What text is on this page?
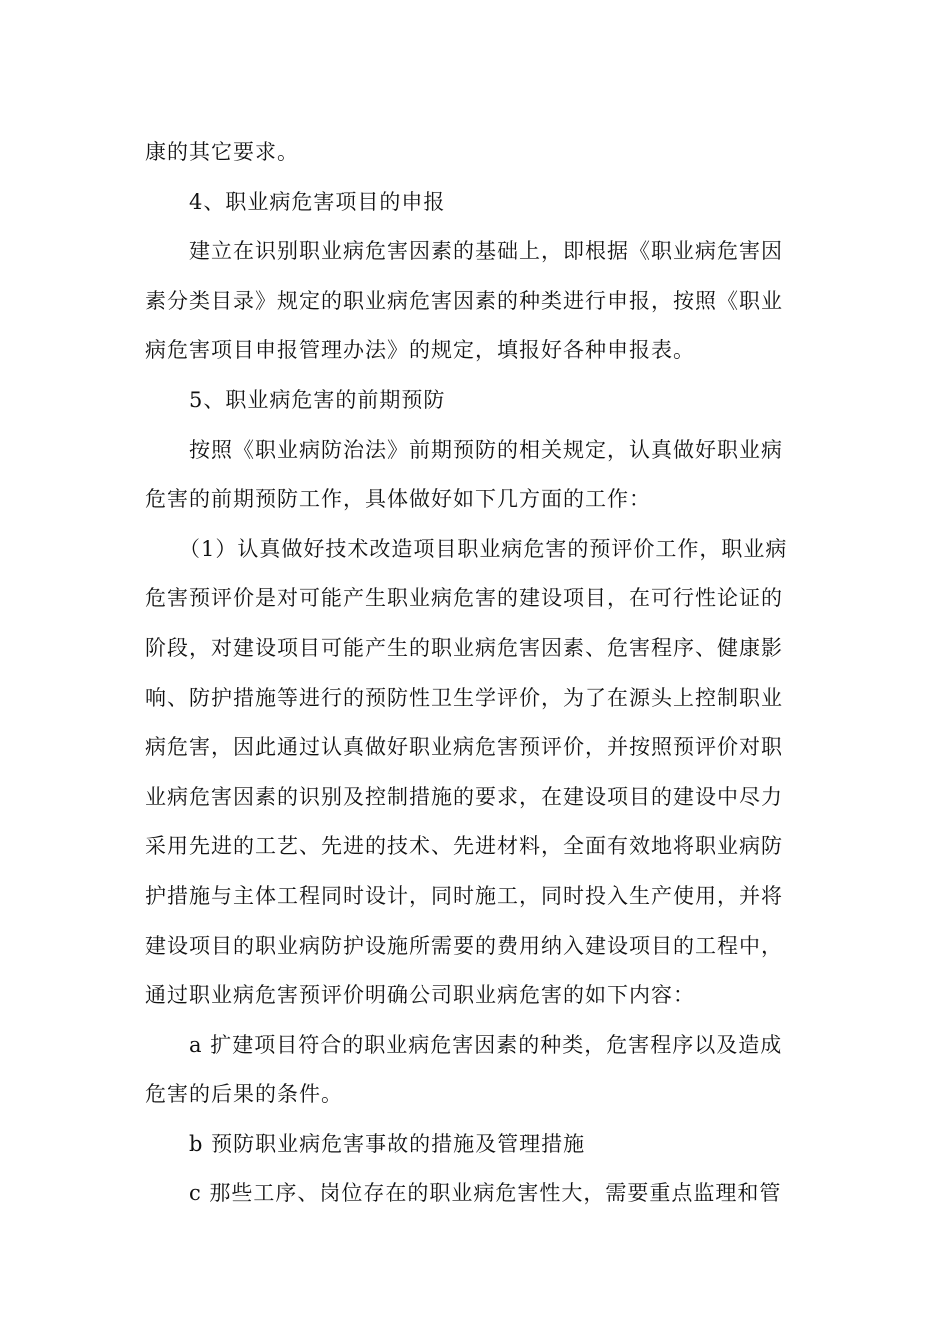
康的其它要求。
4、职业病危害项目的申报
建立在识别职业病危害因素的基础上，即根据《职业病危害因
素分类目录》规定的职业病危害因素的种类进行申报，按照《职业
病危害项目申报管理办法》的规定，填报好各种申报表。
5、职业病危害的前期预防
按照《职业病防治法》前期预防的相关规定，认真做好职业病
危害的前期预防工作，具体做好如下几方面的工作：
（1）认真做好技术改造项目职业病危害的预评价工作，职业病
危害预评价是对可能产生职业病危害的建设项目，在可行性论证的
阶段，对建设项目可能产生的职业病危害因素、危害程序、健康影
响、防护措施等进行的预防性卫生学评价，为了在源头上控制职业
病危害，因此通过认真做好职业病危害预评价，并按照预评价对职
业病危害因素的识别及控制措施的要求，在建设项目的建设中尽力
采用先进的工艺、先进的技术、先进材料，全面有效地将职业病防
护措施与主体工程同时设计，同时施工，同时投入生产使用，并将
建设项目的职业病防护设施所需要的费用纳入建设项目的工程中，
通过职业病危害预评价明确公司职业病危害的如下内容：
a 扩建项目符合的职业病危害因素的种类，危害程序以及造成
危害的后果的条件。
b 预防职业病危害事故的措施及管理措施
c 那些工序、岗位存在的职业病危害性大，需要重点监理和管
